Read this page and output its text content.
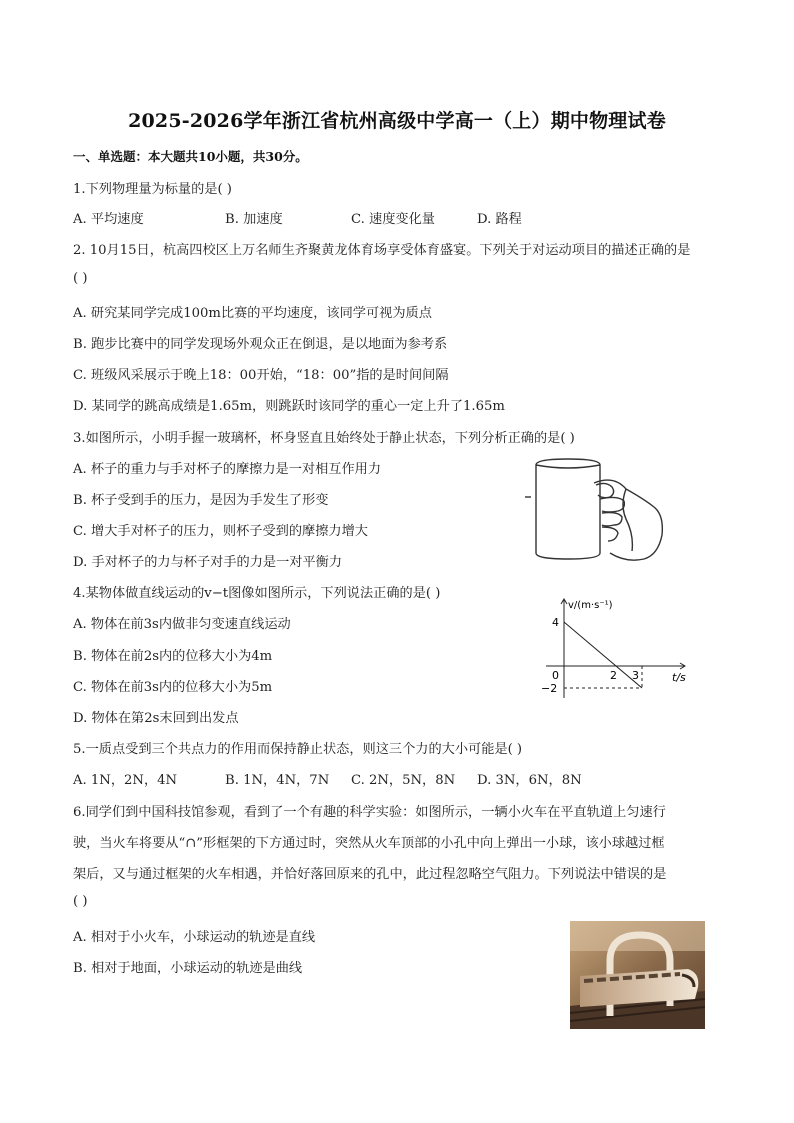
2025-2026学年浙江省杭州高级中学高一（上）期中物理试卷
一、单选题：本大题共10小题，共30分。
1.下列物理量为标量的是( )
A. 平均速度	B. 加速度	C. 速度变化量	D. 路程
2. 10月15日，杭高四校区上万名师生齐聚黄龙体育场享受体育盛宴。下列关于对运动项目的描述正确的是
( )
A. 研究某同学完成100m比赛的平均速度，该同学可视为质点
B. 跑步比赛中的同学发现场外观众正在倒退，是以地面为参考系
C. 班级风采展示于晚上18：00开始，“18：00”指的是时间间隔
D. 某同学的跳高成绩是1.65m，则跳跃时该同学的重心一定上升了1.65m
3.如图所示，小明手握一玻璃杯，杯身竖直且始终处于静止状态，下列分析正确的是( )
A. 杯子的重力与手对杯子的摩擦力是一对相互作用力
B. 杯子受到手的压力，是因为手发生了形变
C. 增大手对杯子的压力，则杯子受到的摩擦力增大
D. 手对杯子的力与杯子对手的力是一对平衡力
4.某物体做直线运动的v−t图像如图所示，下列说法正确的是( )
A. 物体在前3s内做非匀变速直线运动
B. 物体在前2s内的位移大小为4m
C. 物体在前3s内的位移大小为5m
D. 物体在第2s末回到出发点
v/(m·s⁻¹)
t/s
4
0
−2
2 3
5.一质点受到三个共点力的作用而保持静止状态，则这三个力的大小可能是( )
A. 1N，2N，4N	B. 1N，4N，7N C. 2N，5N，8N D. 3N，6N，8N
6.同学们到中国科技馆参观，看到了一个有趣的科学实验：如图所示，一辆小火车在平直轨道上匀速行
驶，当火车将要从“∩”形框架的下方通过时，突然从火车顶部的小孔中向上弹出一小球，该小球越过框
架后，又与通过框架的火车相遇，并恰好落回原来的孔中，此过程忽略空气阻力。下列说法中错误的是
( )
A. 相对于小火车，小球运动的轨迹是直线
B. 相对于地面，小球运动的轨迹是曲线
